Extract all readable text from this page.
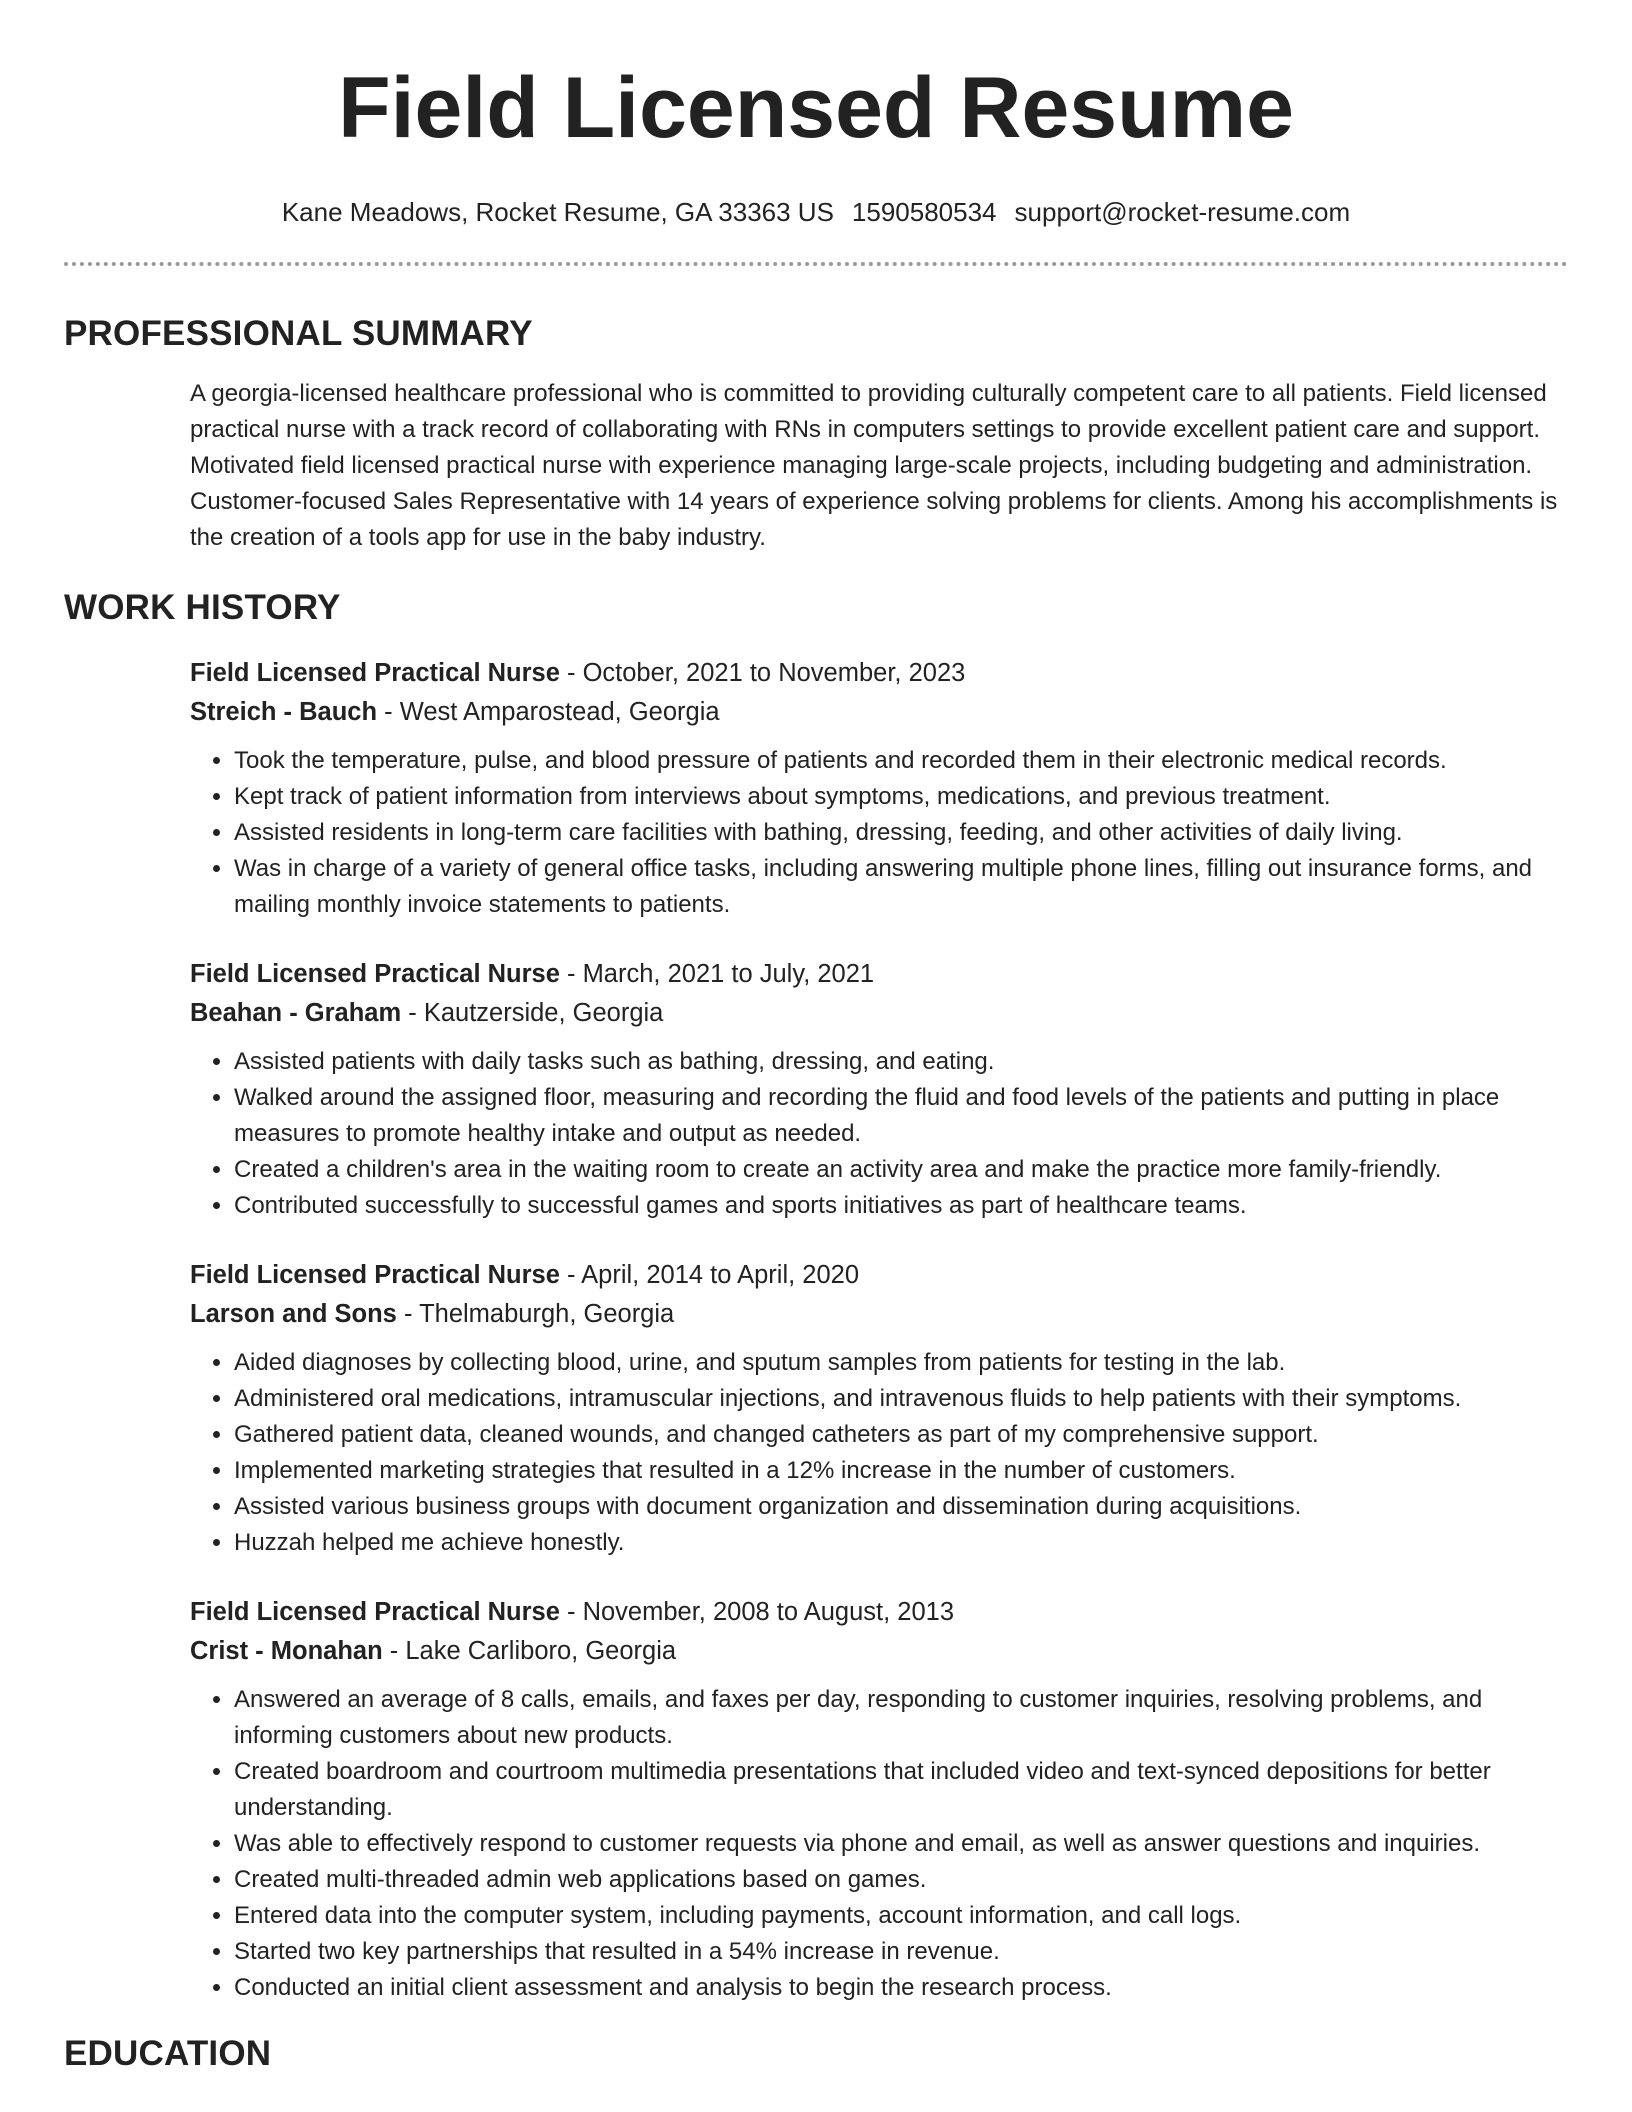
Field Licensed Resume
Kane Meadows, Rocket Resume, GA 33363 US 1590580534 support@rocket-resume.com
PROFESSIONAL SUMMARY
A georgia-licensed healthcare professional who is committed to providing culturally competent care to all patients. Field licensed practical nurse with a track record of collaborating with RNs in computers settings to provide excellent patient care and support. Motivated field licensed practical nurse with experience managing large-scale projects, including budgeting and administration. Customer-focused Sales Representative with 14 years of experience solving problems for clients. Among his accomplishments is the creation of a tools app for use in the baby industry.
WORK HISTORY
Field Licensed Practical Nurse - October, 2021 to November, 2023
Streich - Bauch - West Amparostead, Georgia
• Took the temperature, pulse, and blood pressure of patients and recorded them in their electronic medical records.
• Kept track of patient information from interviews about symptoms, medications, and previous treatment.
• Assisted residents in long-term care facilities with bathing, dressing, feeding, and other activities of daily living.
• Was in charge of a variety of general office tasks, including answering multiple phone lines, filling out insurance forms, and mailing monthly invoice statements to patients.
Field Licensed Practical Nurse - March, 2021 to July, 2021
Beahan - Graham - Kautzerside, Georgia
• Assisted patients with daily tasks such as bathing, dressing, and eating.
• Walked around the assigned floor, measuring and recording the fluid and food levels of the patients and putting in place measures to promote healthy intake and output as needed.
• Created a children's area in the waiting room to create an activity area and make the practice more family-friendly.
• Contributed successfully to successful games and sports initiatives as part of healthcare teams.
Field Licensed Practical Nurse - April, 2014 to April, 2020
Larson and Sons - Thelmaburgh, Georgia
• Aided diagnoses by collecting blood, urine, and sputum samples from patients for testing in the lab.
• Administered oral medications, intramuscular injections, and intravenous fluids to help patients with their symptoms.
• Gathered patient data, cleaned wounds, and changed catheters as part of my comprehensive support.
• Implemented marketing strategies that resulted in a 12% increase in the number of customers.
• Assisted various business groups with document organization and dissemination during acquisitions.
• Huzzah helped me achieve honestly.
Field Licensed Practical Nurse - November, 2008 to August, 2013
Crist - Monahan - Lake Carliboro, Georgia
• Answered an average of 8 calls, emails, and faxes per day, responding to customer inquiries, resolving problems, and informing customers about new products.
• Created boardroom and courtroom multimedia presentations that included video and text-synced depositions for better understanding.
• Was able to effectively respond to customer requests via phone and email, as well as answer questions and inquiries.
• Created multi-threaded admin web applications based on games.
• Entered data into the computer system, including payments, account information, and call logs.
• Started two key partnerships that resulted in a 54% increase in revenue.
• Conducted an initial client assessment and analysis to begin the research process.
EDUCATION
